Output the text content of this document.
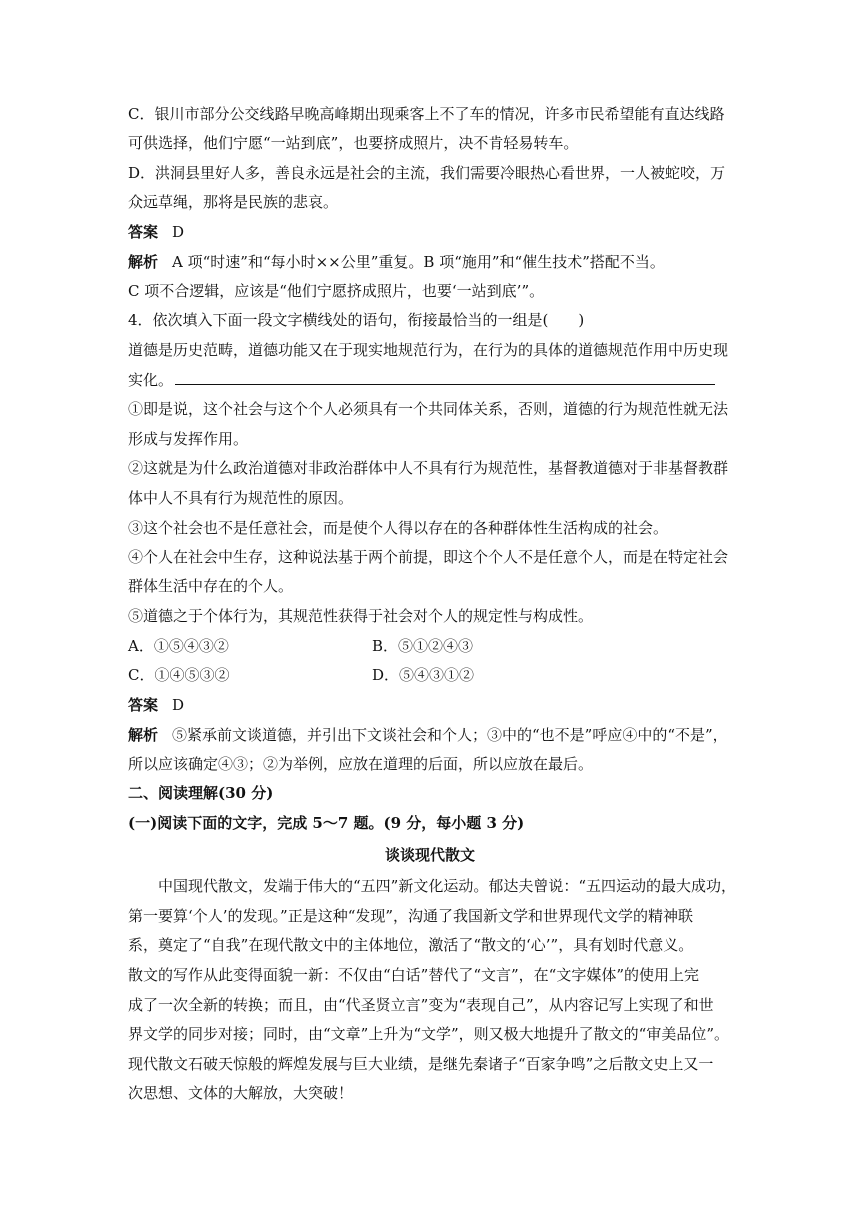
C．银川市部分公交线路早晚高峰期出现乘客上不了车的情况，许多市民希望能有直达线路
可供选择，他们宁愿“一站到底”，也要挤成照片，决不肯轻易转车。
D．洪洞县里好人多，善良永远是社会的主流，我们需要冷眼热心看世界，一人被蛇咬，万
众远草绳，那将是民族的悲哀。
答案 D
解析 A 项“时速”和“每小时××公里”重复。B 项“施用”和“催生技术”搭配不当。
C 项不合逻辑，应该是“他们宁愿挤成照片，也要‘一站到底’”。
4．依次填入下面一段文字横线处的语句，衔接最恰当的一组是(　　)
道德是历史范畴，道德功能又在于现实地规范行为，在行为的具体的道德规范作用中历史现
实化。
①即是说，这个社会与这个个人必须具有一个共同体关系，否则，道德的行为规范性就无法
形成与发挥作用。
②这就是为什么政治道德对非政治群体中人不具有行为规范性，基督教道德对于非基督教群
体中人不具有行为规范性的原因。
③这个社会也不是任意社会，而是使个人得以存在的各种群体性生活构成的社会。
④个人在社会中生存，这种说法基于两个前提，即这个个人不是任意个人，而是在特定社会
群体生活中存在的个人。
⑤道德之于个体行为，其规范性获得于社会对个人的规定性与构成性。
A．①⑤④③②	B．⑤①②④③
C．①④⑤③②	D．⑤④③①②
答案 D
解析 ⑤紧承前文谈道德，并引出下文谈社会和个人；③中的“也不是”呼应④中的“不是”，
所以应该确定④③；②为举例，应放在道理的后面，所以应放在最后。
二、阅读理解(30 分)
(一)阅读下面的文字，完成 5～7 题。(9 分，每小题 3 分)
谈谈现代散文
中国现代散文，发端于伟大的“五四”新文化运动。郁达夫曾说：“五四运动的最大成功，
第一要算‘个人’的发现。”正是这种“发现”，沟通了我国新文学和世界现代文学的精神联
系，奠定了“自我”在现代散文中的主体地位，激活了“散文的‘心’”，具有划时代意义。
散文的写作从此变得面貌一新：不仅由“白话”替代了“文言”，在“文字媒体”的使用上完
成了一次全新的转换；而且，由“代圣贤立言”变为“表现自己”，从内容记写上实现了和世
界文学的同步对接；同时，由“文章”上升为“文学”，则又极大地提升了散文的“审美品位”。
现代散文石破天惊般的辉煌发展与巨大业绩，是继先秦诸子“百家争鸣”之后散文史上又一
次思想、文体的大解放，大突破！
